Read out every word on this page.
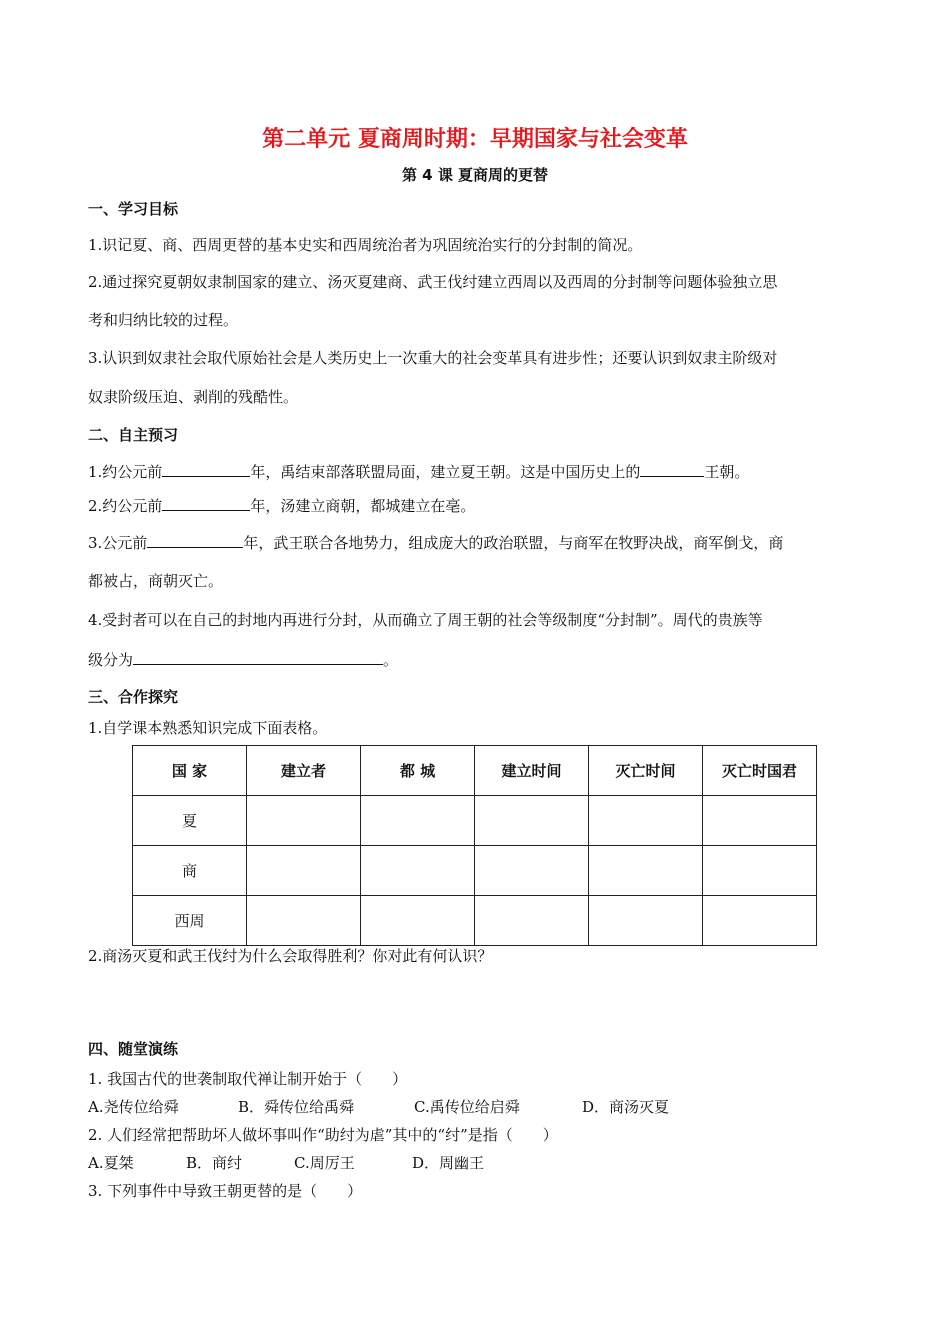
第二单元 夏商周时期：早期国家与社会变革
第 4 课 夏商周的更替
一、学习目标
1.识记夏、商、西周更替的基本史实和西周统治者为巩固统治实行的分封制的简况。
2.通过探究夏朝奴隶制国家的建立、汤灭夏建商、武王伐纣建立西周以及西周的分封制等问题体验独立思
考和归纳比较的过程。
3.认识到奴隶社会取代原始社会是人类历史上一次重大的社会变革具有进步性；还要认识到奴隶主阶级对
奴隶阶级压迫、剥削的残酷性。
二、自主预习
1.约公元前	年，禹结束部落联盟局面，建立夏王朝。这是中国历史上的	王朝。
2.约公元前	年，汤建立商朝，都城建立在亳。
3.公元前	年，武王联合各地势力，组成庞大的政治联盟，与商军在牧野决战，商军倒戈，商
都被占，商朝灭亡。
4.受封者可以在自己的封地内再进行分封，从而确立了周王朝的社会等级制度“分封制”。周代的贵族等
级分为	。
三、合作探究
1.自学课本熟悉知识完成下面表格。
国 家	建立者	都 城	建立时间	灭亡时间	灭亡时国君
夏					
商					
西周					
2.商汤灭夏和武王伐纣为什么会取得胜利？你对此有何认识？
四、随堂演练
1. 我国古代的世袭制取代禅让制开始于（　　）
A.尧传位给舜	B．舜传位给禹舜	C.禹传位给启舜	D．商汤灭夏
2. 人们经常把帮助坏人做坏事叫作“助纣为虐”其中的“纣”是指（　　）
A.夏桀	B．商纣	C.周厉王	D．周幽王
3. 下列事件中导致王朝更替的是（　　）
